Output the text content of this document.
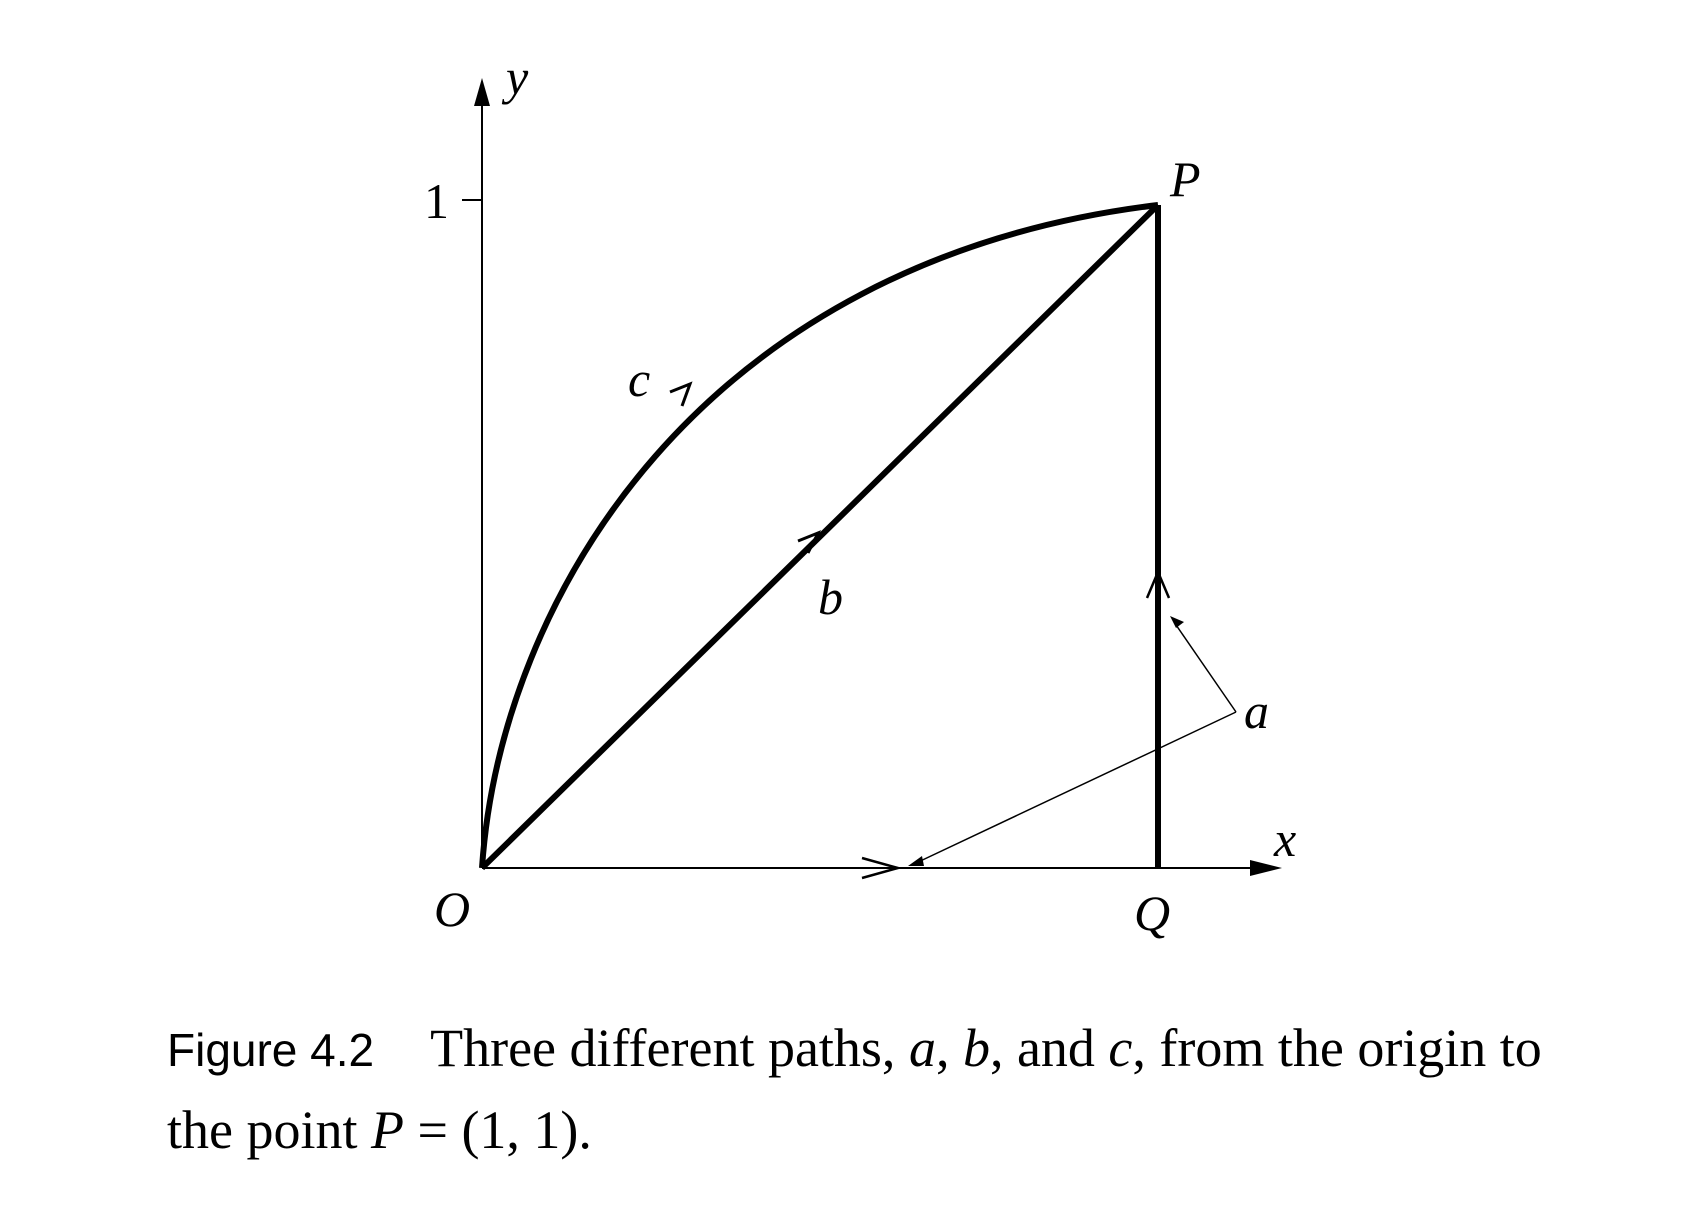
y
x
1
b
c
a
O
P
Q
Figure 4.2 Three different paths, a, b, and c, from the origin to the point P = (1, 1).
